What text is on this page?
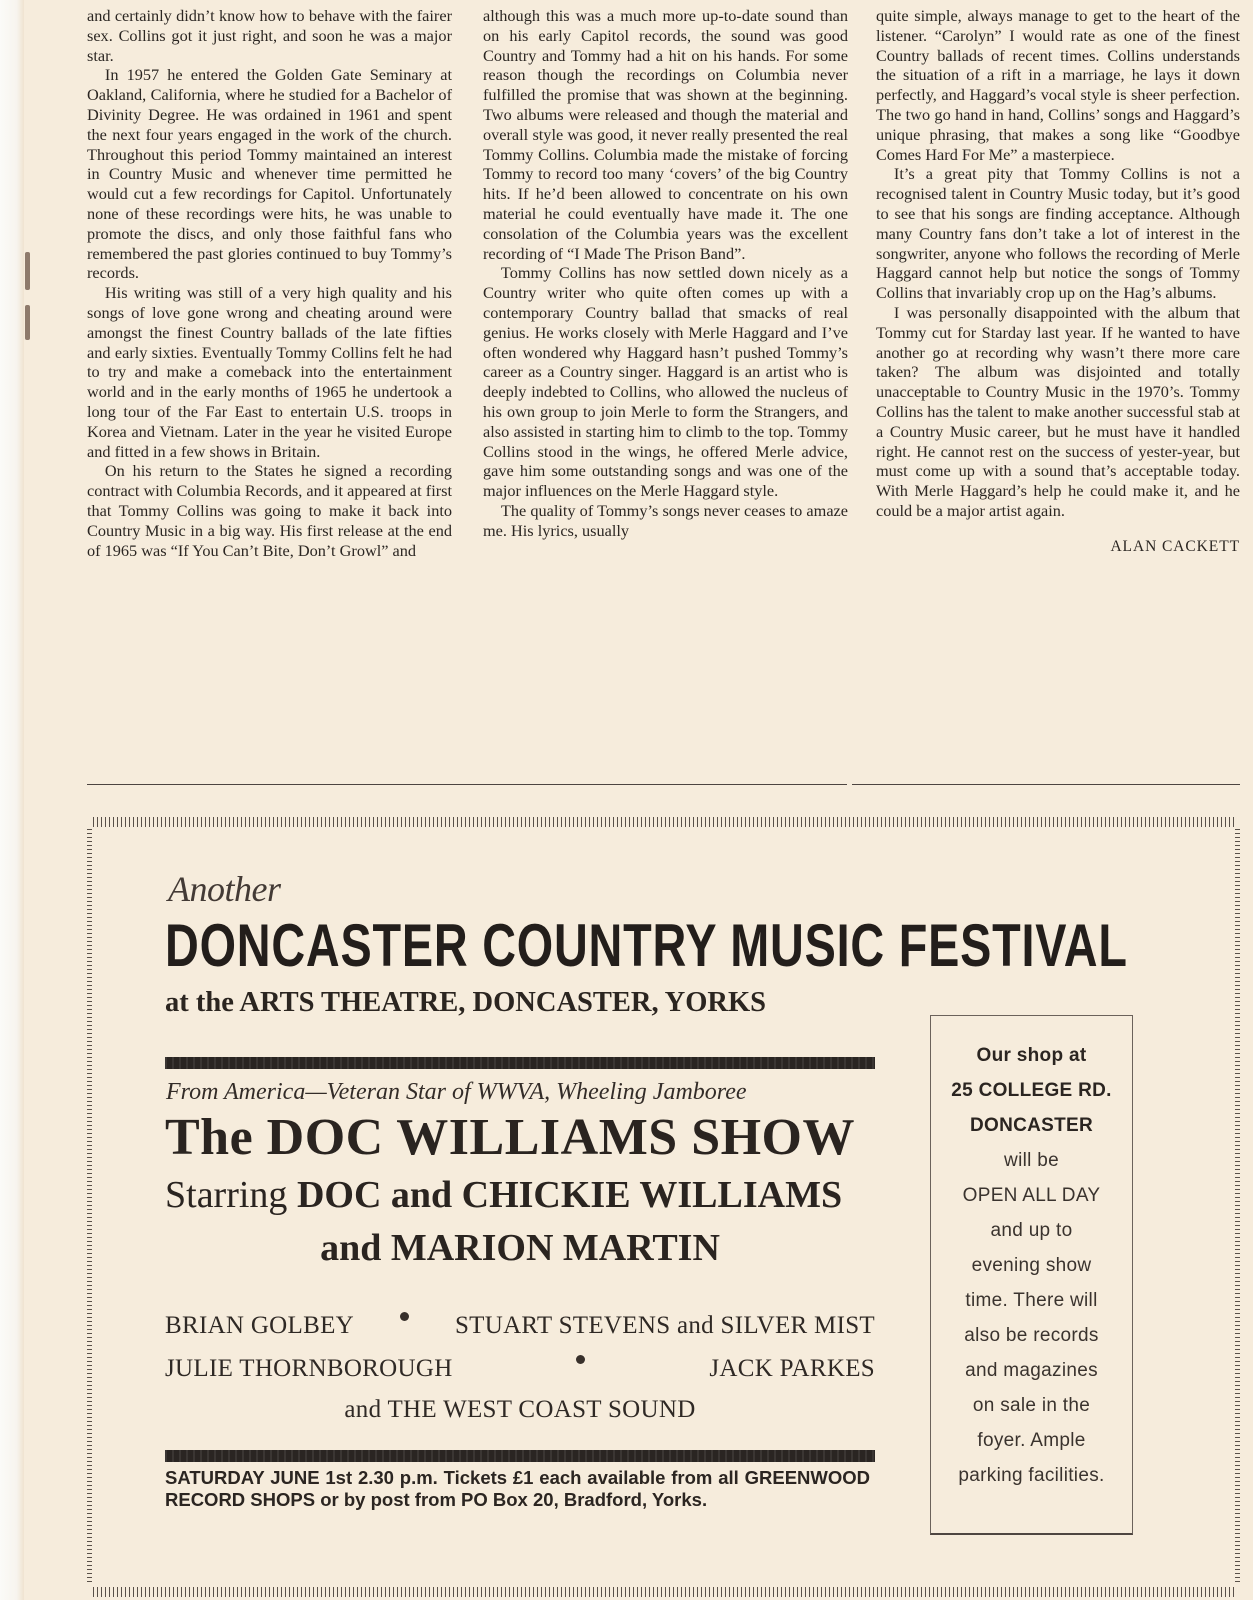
and certainly didn’t know how to behave with the fairer sex. Collins got it just right, and soon he was a major star.

In 1957 he entered the Golden Gate Seminary at Oakland, California, where he studied for a Bachelor of Divinity Degree. He was ordained in 1961 and spent the next four years engaged in the work of the church. Throughout this period Tommy maintained an interest in Country Music and whenever time permitted he would cut a few recordings for Capitol. Unfortunately none of these recordings were hits, he was unable to promote the discs, and only those faithful fans who remembered the past glories continued to buy Tommy’s records.

His writing was still of a very high quality and his songs of love gone wrong and cheating around were amongst the finest Country ballads of the late fifties and early sixties. Eventually Tommy Collins felt he had to try and make a comeback into the entertainment world and in the early months of 1965 he undertook a long tour of the Far East to entertain U.S. troops in Korea and Vietnam. Later in the year he visited Europe and fitted in a few shows in Britain.

On his return to the States he signed a recording contract with Columbia Records, and it appeared at first that Tommy Collins was going to make it back into Country Music in a big way. His first release at the end of 1965 was “If You Can’t Bite, Don’t Growl” and

although this was a much more up-to-date sound than on his early Capitol records, the sound was good Country and Tommy had a hit on his hands. For some reason though the recordings on Columbia never fulfilled the promise that was shown at the beginning. Two albums were released and though the material and overall style was good, it never really presented the real Tommy Collins. Columbia made the mistake of forcing Tommy to record too many ‘covers’ of the big Country hits. If he’d been allowed to concentrate on his own material he could eventually have made it. The one consolation of the Columbia years was the excellent recording of “I Made The Prison Band”.

Tommy Collins has now settled down nicely as a Country writer who quite often comes up with a contemporary Country ballad that smacks of real genius. He works closely with Merle Haggard and I’ve often wondered why Haggard hasn’t pushed Tommy’s career as a Country singer. Haggard is an artist who is deeply indebted to Collins, who allowed the nucleus of his own group to join Merle to form the Strangers, and also assisted in starting him to climb to the top. Tommy Collins stood in the wings, he offered Merle advice, gave him some outstanding songs and was one of the major influences on the Merle Haggard style.

The quality of Tommy’s songs never ceases to amaze me. His lyrics, usually

quite simple, always manage to get to the heart of the listener. “Carolyn” I would rate as one of the finest Country ballads of recent times. Collins understands the situation of a rift in a marriage, he lays it down perfectly, and Haggard’s vocal style is sheer perfection. The two go hand in hand, Collins’ songs and Haggard’s unique phrasing, that makes a song like “Goodbye Comes Hard For Me” a masterpiece.

It’s a great pity that Tommy Collins is not a recognised talent in Country Music today, but it’s good to see that his songs are finding acceptance. Although many Country fans don’t take a lot of interest in the songwriter, anyone who follows the recording of Merle Haggard cannot help but notice the songs of Tommy Collins that invariably crop up on the Hag’s albums.

I was personally disappointed with the album that Tommy cut for Starday last year. If he wanted to have another go at recording why wasn’t there more care taken? The album was disjointed and totally unacceptable to Country Music in the 1970’s. Tommy Collins has the talent to make another successful stab at a Country Music career, but he must have it handled right. He cannot rest on the success of yester-year, but must come up with a sound that’s acceptable today. With Merle Haggard’s help he could make it, and he could be a major artist again.

ALAN CACKETT
Another
DONCASTER COUNTRY MUSIC FESTIVAL
at the ARTS THEATRE, DONCASTER, YORKS
From America—Veteran Star of WWVA, Wheeling Jamboree
The DOC WILLIAMS SHOW
Starring DOC and CHICKIE WILLIAMS
and MARION MARTIN
BRIAN GOLBEY	STUART STEVENS and SILVER MIST
JULIE THORNBOROUGH	JACK PARKES
and THE WEST COAST SOUND
SATURDAY JUNE 1st 2.30 p.m. Tickets £1 each available from all GREENWOOD RECORD SHOPS or by post from PO Box 20, Bradford, Yorks.
Our shop at
25 COLLEGE RD.
DONCASTER
will be
OPEN ALL DAY
and up to
evening show
time. There will
also be records
and magazines
on sale in the
foyer. Ample
parking facilities.
